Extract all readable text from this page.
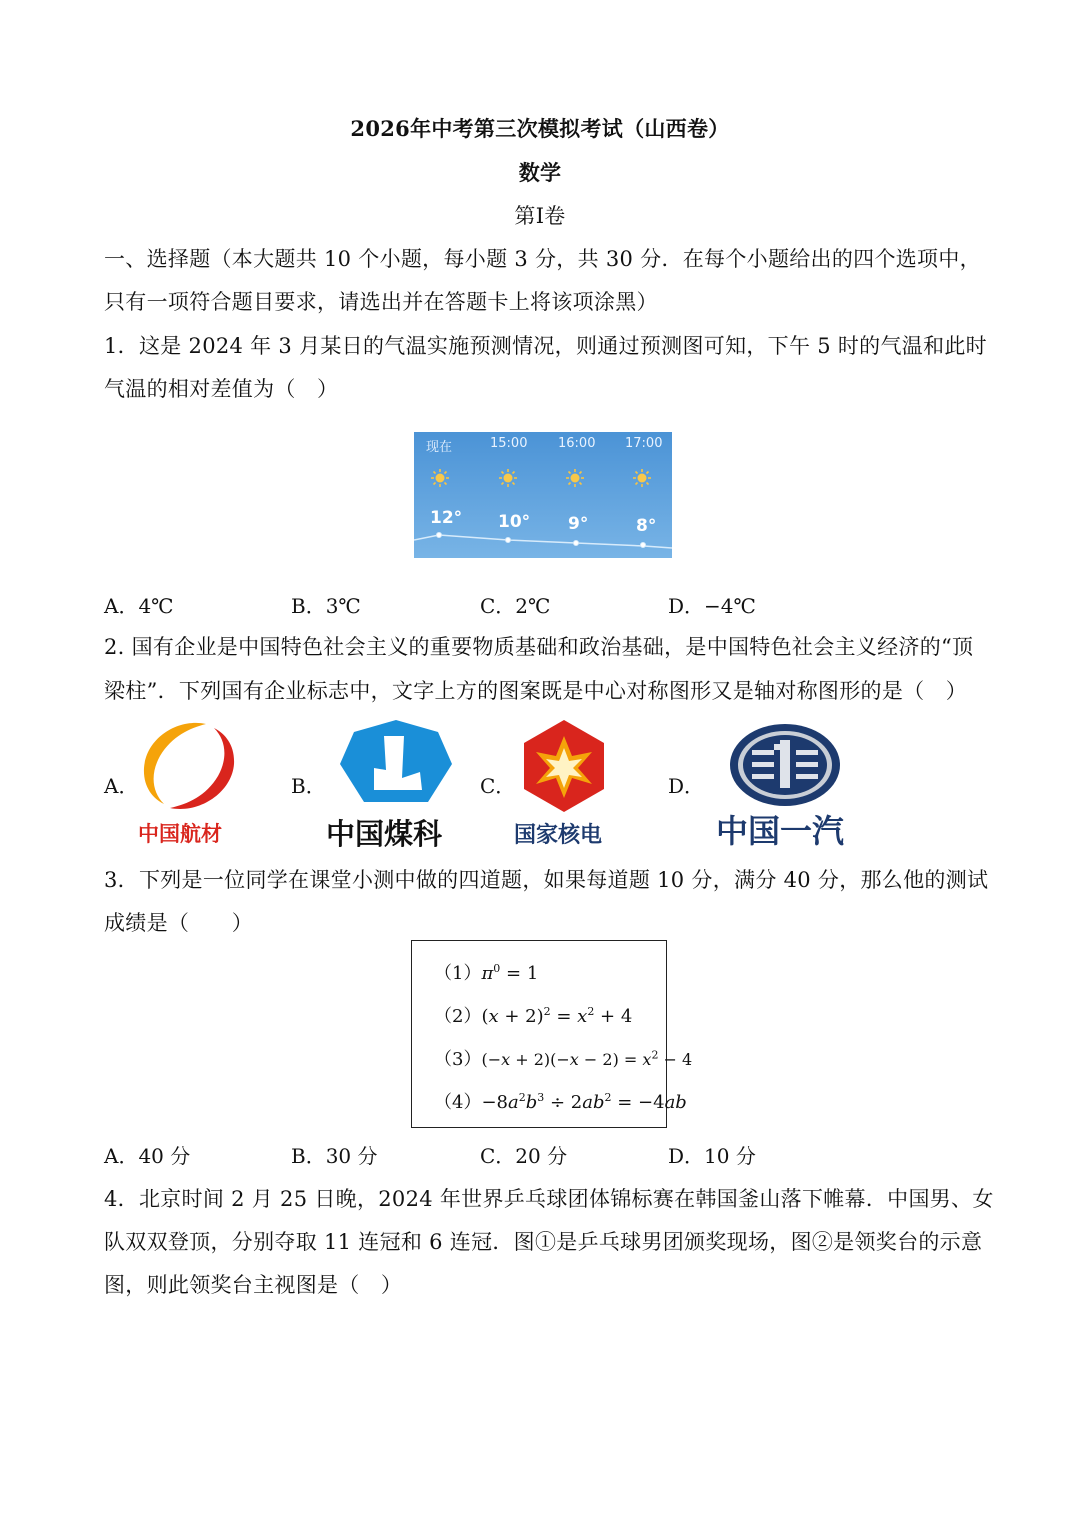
2026年中考第三次模拟考试（山西卷）
数学
第Ⅰ卷
一、选择题（本大题共 10 个小题，每小题 3 分，共 30 分．在每个小题给出的四个选项中，
只有一项符合题目要求，请选出并在答题卡上将该项涂黑）
1．这是 2024 年 3 月某日的气温实施预测情况，则通过预测图可知，下午 5 时的气温和此时
气温的相对差值为（　）
现在	15:00 16:00 17:00
12° 10° 9°	8°
A．4℃	B．3℃	C．2℃	D．−4℃
2. 国有企业是中国特色社会主义的重要物质基础和政治基础，是中国特色社会主义经济的“顶
梁柱”．下列国有企业标志中，文字上方的图案既是中心对称图形又是轴对称图形的是（　）
A．	B．	C．	D．
中国航材	中国煤科	国家核电	中国一汽
3．下列是一位同学在课堂小测中做的四道题，如果每道题 10 分，满分 40 分，那么他的测试
成绩是（　　）
$(1)\pi^0 = 1$
$(2)(x + 2)^2 = x^2 + 4$
$(3)(-x + 2)(-x - 2) = x^2 - 4$
$(4)-8a^2b^3 \div 2ab^2 = -4ab$
A．40 分	B．30 分	C．20 分	D．10 分
4．北京时间 2 月 25 日晚，2024 年世界乒乓球团体锦标赛在韩国釜山落下帷幕．中国男、女
队双双登顶，分别夺取 11 连冠和 6 连冠．图①是乒乓球男团颁奖现场，图②是领奖台的示意
图，则此领奖台主视图是（　）
